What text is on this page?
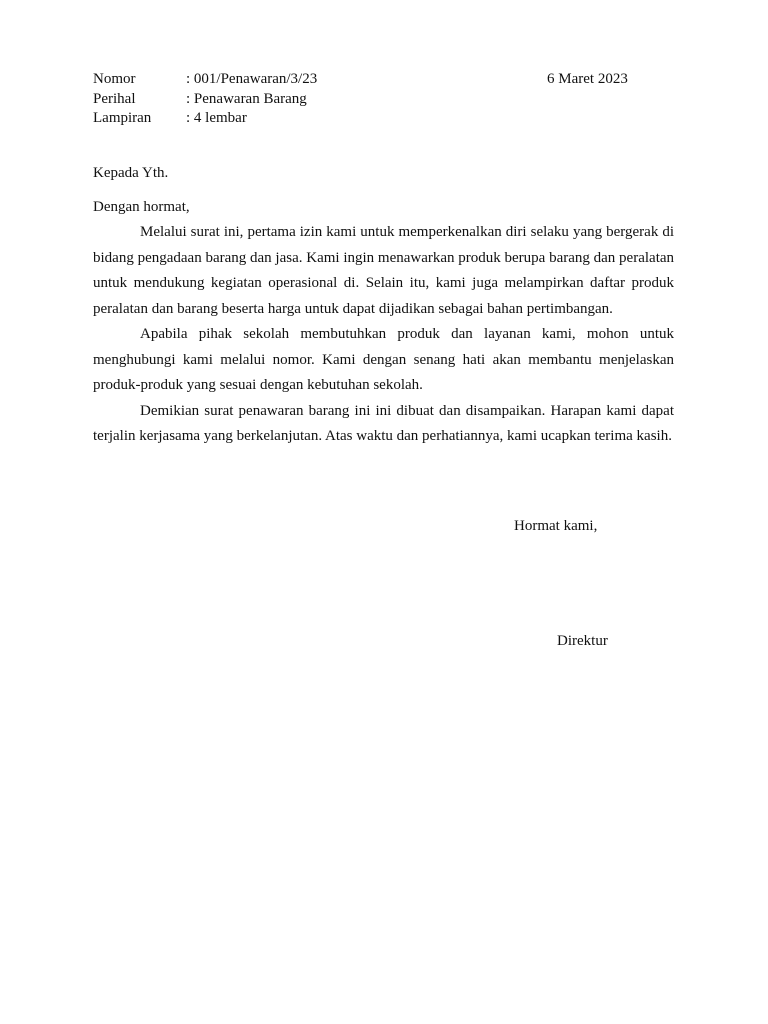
Nomor	: 001/Penawaran/3/23
Perihal	: Penawaran Barang
Lampiran : 4 lembar
6 Maret 2023
Kepada Yth.
Dengan hormat,

Melalui surat ini, pertama izin kami untuk memperkenalkan diri selaku yang bergerak di bidang pengadaan barang dan jasa. Kami ingin menawarkan produk berupa barang dan peralatan untuk mendukung kegiatan operasional di. Selain itu, kami juga melampirkan daftar produk peralatan dan barang beserta harga untuk dapat dijadikan sebagai bahan pertimbangan.

Apabila pihak sekolah membutuhkan produk dan layanan kami, mohon untuk menghubungi kami melalui nomor. Kami dengan senang hati akan membantu menjelaskan produk-produk yang sesuai dengan kebutuhan sekolah.

Demikian surat penawaran barang ini ini dibuat dan disampaikan. Harapan kami dapat terjalin kerjasama yang berkelanjutan. Atas waktu dan perhatiannya, kami ucapkan terima kasih.

Hormat kami,
Direktur
